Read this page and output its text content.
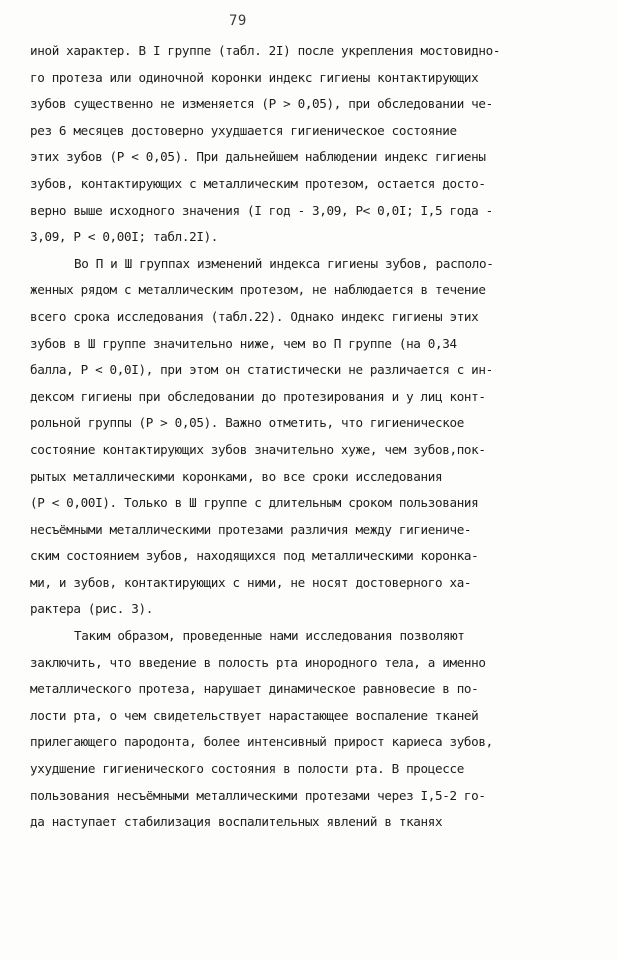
79
иной характер. В I группе (табл. 2I) после укрепления мостовидно-
го протеза или одиночной коронки индекс гигиены контактирующих
зубов существенно не изменяется (Р > 0,05), при обследовании че-
рез 6 месяцев достоверно ухудшается гигиеническое состояние
этих зубов (Р < 0,05). При дальнейшем наблюдении индекс гигиены
зубов, контактирующих с металлическим протезом, остается досто-
верно выше исходного значения (I год - 3,09, Р< 0,0I; I,5 года -
3,09, Р < 0,00I; табл.2I).
Во П и Ш группах изменений индекса гигиены зубов, располо-
женных рядом с металлическим протезом, не наблюдается в течение
всего срока исследования (табл.22). Однако индекс гигиены этих
зубов в Ш группе значительно ниже, чем во П группе (на 0,34
балла, Р < 0,0I), при этом он статистически не различается с ин-
дексом гигиены при обследовании до протезирования и у лиц конт-
рольной группы (Р > 0,05). Важно отметить, что гигиеническое
состояние контактирующих зубов значительно хуже, чем зубов,пок-
рытых металлическими коронками, во все сроки исследования
(Р < 0,00I). Только в Ш группе с длительным сроком пользования
несъёмными металлическими протезами различия между гигиениче-
ским состоянием зубов, находящихся под металлическими коронка-
ми, и зубов, контактирующих с ними, не носят достоверного ха-
рактера (рис. 3).
Таким образом, проведенные нами исследования позволяют
заключить, что введение в полость рта инородного тела, а именно
металлического протеза, нарушает динамическое равновесие в по-
лости рта, о чем свидетельствует нарастающее воспаление тканей
прилегающего пародонта, более интенсивный прирост кариеса зубов,
ухудшение гигиенического состояния в полости рта. В процессе
пользования несъёмными металлическими протезами через I,5-2 го-
да наступает стабилизация воспалительных явлений в тканях
